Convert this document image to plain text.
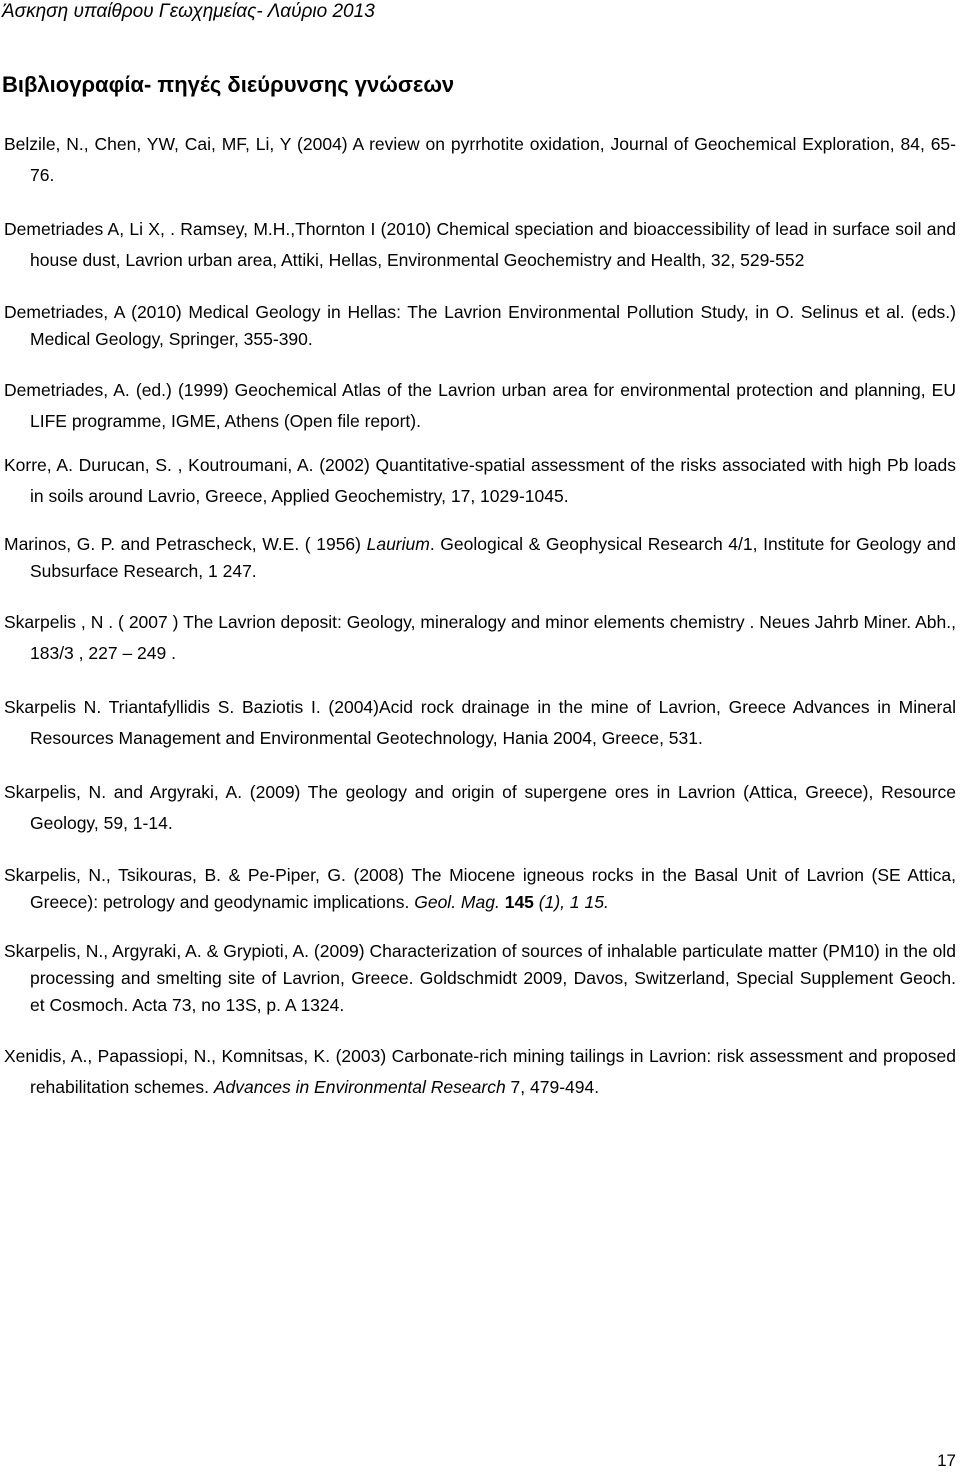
Άσκηση υπαίθρου Γεωχημείας- Λαύριο 2013
Βιβλιογραφία- πηγές διεύρυνσης γνώσεων
Belzile, N., Chen, YW, Cai, MF, Li, Y (2004) A review on pyrrhotite oxidation, Journal of Geochemical Exploration, 84, 65-76.
Demetriades A, Li X, . Ramsey, M.H.,Thornton I (2010) Chemical speciation and bioaccessibility of lead in surface soil and house dust, Lavrion urban area, Attiki, Hellas, Environmental Geochemistry and Health, 32, 529-552
Demetriades, A (2010) Medical Geology in Hellas: The Lavrion Environmental Pollution Study, in O. Selinus et al. (eds.) Medical Geology, Springer, 355-390.
Demetriades, A. (ed.) (1999) Geochemical Atlas of the Lavrion urban area for environmental protection and planning, EU LIFE programme, IGME, Athens (Open file report).
Korre, A. Durucan, S. , Koutroumani, A. (2002) Quantitative-spatial assessment of the risks associated with high Pb loads in soils around Lavrio, Greece, Applied Geochemistry, 17, 1029-1045.
Marinos, G. P. and Petrascheck, W.E. ( 1956) Laurium. Geological & Geophysical Research 4/1, Institute for Geology and Subsurface Research, 1 247.
Skarpelis , N . ( 2007 ) The Lavrion deposit: Geology, mineralogy and minor elements chemistry . Neues Jahrb Miner. Abh., 183/3 , 227 – 249 .
Skarpelis N. Triantafyllidis S. Baziotis I. (2004)Acid rock drainage in the mine of Lavrion, Greece Advances in Mineral Resources Management and Environmental Geotechnology, Hania 2004, Greece, 531.
Skarpelis, N. and Argyraki, A. (2009) The geology and origin of supergene ores in Lavrion (Attica, Greece), Resource Geology, 59, 1-14.
Skarpelis, N., Tsikouras, B. & Pe-Piper, G. (2008) The Miocene igneous rocks in the Basal Unit of Lavrion (SE Attica, Greece): petrology and geodynamic implications. Geol. Mag. 145 (1), 1 15.
Skarpelis, N., Argyraki, A. & Grypioti, A. (2009) Characterization of sources of inhalable particulate matter (PM10) in the old processing and smelting site of Lavrion, Greece. Goldschmidt 2009, Davos, Switzerland, Special Supplement Geoch. et Cosmoch. Acta 73, no 13S, p. A 1324.
Xenidis, A., Papassiopi, N., Komnitsas, K. (2003) Carbonate-rich mining tailings in Lavrion: risk assessment and proposed rehabilitation schemes. Advances in Environmental Research 7, 479-494.
17
